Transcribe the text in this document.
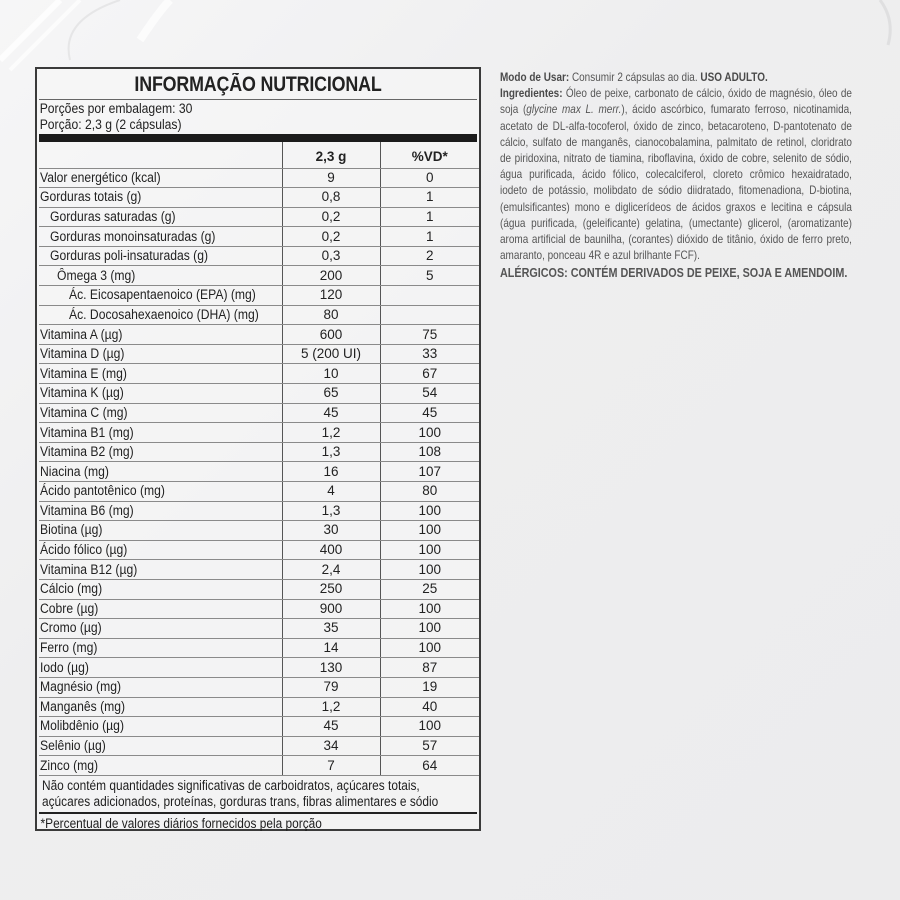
INFORMAÇÃO NUTRICIONAL
Porções por embalagem: 30
Porção: 2,3 g (2 cápsulas)
	2,3 g	%VD*
Valor energético (kcal)	9	0
Gorduras totais (g)	0,8	1
Gorduras saturadas (g)	0,2	1
Gorduras monoinsaturadas (g)	0,2	1
Gorduras poli-insaturadas (g)	0,3	2
Ômega 3 (mg)	200	5
Ác. Eicosapentaenoico (EPA) (mg)	120	
Ác. Docosahexaenoico (DHA) (mg)	80	
Vitamina A (µg)	600	75
Vitamina D (µg)	5 (200 UI)	33
Vitamina E (mg)	10	67
Vitamina K (µg)	65	54
Vitamina C (mg)	45	45
Vitamina B1 (mg)	1,2	100
Vitamina B2 (mg)	1,3	108
Niacina (mg)	16	107
Ácido pantotênico (mg)	4	80
Vitamina B6 (mg)	1,3	100
Biotina (µg)	30	100
Ácido fólico (µg)	400	100
Vitamina B12 (µg)	2,4	100
Cálcio (mg)	250	25
Cobre (µg)	900	100
Cromo (µg)	35	100
Ferro (mg)	14	100
Iodo (µg)	130	87
Magnésio (mg)	79	19
Manganês (mg)	1,2	40
Molibdênio (µg)	45	100
Selênio (µg)	34	57
Zinco (mg)	7	64
Não contém quantidades significativas de carboidratos, açúcares totais,
açúcares adicionados, proteínas, gorduras trans, fibras alimentares e sódio
*Percentual de valores diários fornecidos pela porção

Modo de Usar: Consumir 2 cápsulas ao dia. USO ADULTO.

Ingredientes: Óleo de peixe, carbonato de cálcio, óxido de magnésio, óleo de soja (glycine max L. merr.), ácido ascórbico, fumarato ferroso, nicotinamida, acetato de DL-alfa-tocoferol, óxido de zinco, betacaroteno, D-pantotenato de cálcio, sulfato de manganês, cianocobalamina, palmitato de retinol, cloridrato de piridoxina, nitrato de tiamina, riboflavina, óxido de cobre, selenito de sódio, água purificada, ácido fólico, colecalciferol, cloreto crômico hexaidratado, iodeto de potássio, molibdato de sódio diidratado, fitomenadiona, D-biotina, (emulsificantes) mono e diglicerídeos de ácidos graxos e lecitina e cápsula (água purificada, (geleificante) gelatina, (umectante) glicerol, (aromatizante) aroma artificial de baunilha, (corantes) dióxido de titânio, óxido de ferro preto, amaranto, ponceau 4R e azul brilhante FCF).

ALÉRGICOS: CONTÉM DERIVADOS DE PEIXE, SOJA E AMENDOIM.
